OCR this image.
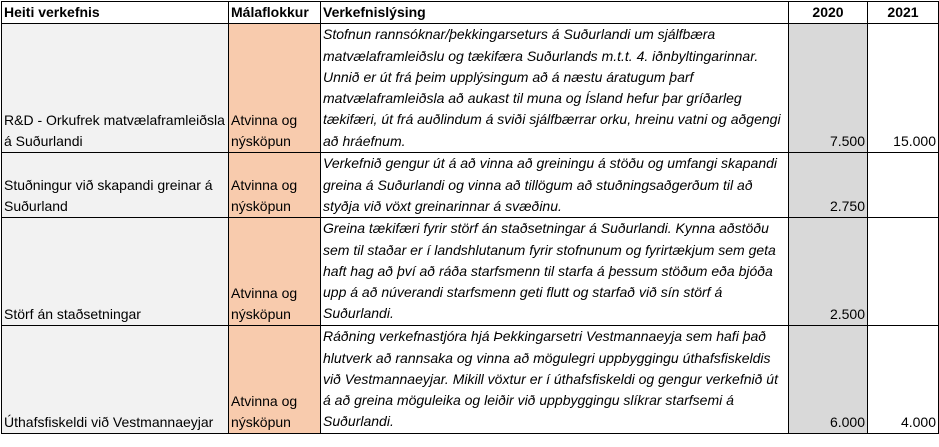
Heiti verkefnis	Málaflokkur	Verkefnislýsing	2020	2021
R&D - Orkufrek matvælaframleiðsla á Suðurlandi	Atvinna og nýsköpun	Stofnun rannsóknar/þekkingarseturs á Suðurlandi um sjálfbæra matvælaframleiðslu og tækifæra Suðurlands m.t.t. 4. iðnbyltingarinnar. Unnið er út frá þeim upplýsingum að á næstu áratugum þarf matvælaframleiðsla að aukast til muna og Ísland hefur þar gríðarleg tækifæri, út frá auðlindum á sviði sjálfbærrar orku, hreinu vatni og aðgengi að hráefnum.	7.500	15.000
Stuðningur við skapandi greinar á Suðurland	Atvinna og nýsköpun	Verkefnið gengur út á að vinna að greiningu á stöðu og umfangi skapandi greina á Suðurlandi og vinna að tillögum að stuðningsaðgerðum til að styðja við vöxt greinarinnar á svæðinu.	2.750	
Störf án staðsetningar	Atvinna og nýsköpun	Greina tækifæri fyrir störf án staðsetningar á Suðurlandi. Kynna aðstöðu sem til staðar er í landshlutanum fyrir stofnunum og fyrirtækjum sem geta haft hag að því að ráða starfsmenn til starfa á þessum stöðum eða bjóða upp á að núverandi starfsmenn geti flutt og starfað við sín störf á Suðurlandi.	2.500	
Úthafsfiskeldi við Vestmannaeyjar	Atvinna og nýsköpun	Ráðning verkefnastjóra hjá Þekkingarsetri Vestmannaeyja sem hafi það hlutverk að rannsaka og vinna að mögulegri uppbyggingu úthafsfiskeldis við Vestmannaeyjar. Mikill vöxtur er í úthafsfiskeldi og gengur verkefnið út á að greina möguleika og leiðir við uppbyggingu slíkrar starfsemi á Suðurlandi.	6.000	4.000
